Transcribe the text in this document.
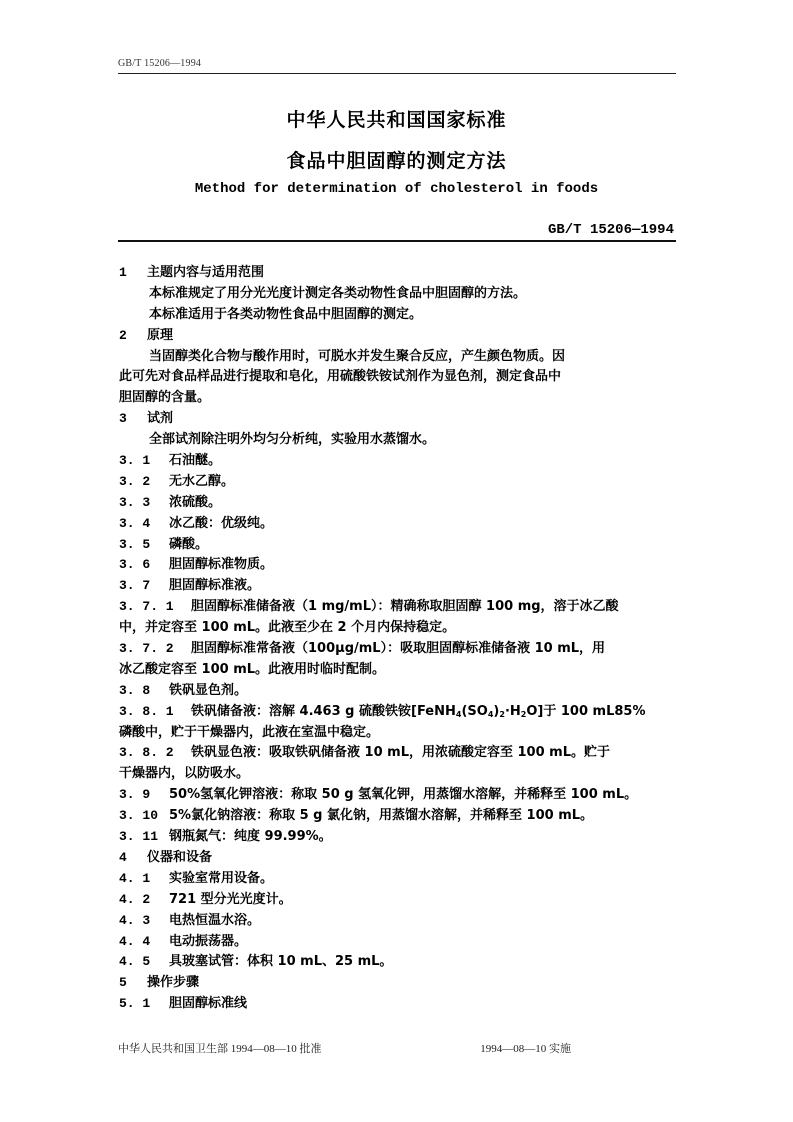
GB/T 15206—1994
中华人民共和国国家标准
食品中胆固醇的测定方法
Method for determination of cholesterol in foods
GB/T 15206—1994
1 主题内容与适用范围
本标准规定了用分光光度计测定各类动物性食品中胆固醇的方法。
本标准适用于各类动物性食品中胆固醇的测定。
2 原理
当固醇类化合物与酸作用时，可脱水并发生聚合反应，产生颜色物质。因
此可先对食品样品进行提取和皂化，用硫酸铁铵试剂作为显色剂，测定食品中
胆固醇的含量。
3 试剂
全部试剂除注明外均匀分析纯，实验用水蒸馏水。
3. 1 石油醚。
3. 2 无水乙醇。
3. 3 浓硫酸。
3. 4 冰乙酸：优级纯。
3. 5 磷酸。
3. 6 胆固醇标准物质。
3. 7 胆固醇标准液。
3. 7. 1 胆固醇标准储备液（1 mg/mL）：精确称取胆固醇 100 mg，溶于冰乙酸
中，并定容至 100 mL。此液至少在 2 个月内保持稳定。
3. 7. 2 胆固醇标准常备液（100μg/mL）：吸取胆固醇标准储备液 10 mL，用
冰乙酸定容至 100 mL。此液用时临时配制。
3. 8 铁矾显色剂。
3. 8. 1 铁矾储备液：溶解 4.463 g 硫酸铁铵$[FeNH_4(SO_4)_2\cdot H_2O]$于 100 mL85%
磷酸中，贮于干燥器内，此液在室温中稳定。
3. 8. 2 铁矾显色液：吸取铁矾储备液 10 mL，用浓硫酸定容至 100 mL。贮于
干燥器内，以防吸水。
3. 9 50%氢氧化钾溶液：称取 50 g 氢氧化钾，用蒸馏水溶解，并稀释至 100 mL。
3. 10 5%氯化钠溶液：称取 5 g 氯化钠，用蒸馏水溶解，并稀释至 100 mL。
3. 11 钢瓶氮气：纯度 99.99%。
4 仪器和设备
4. 1 实验室常用设备。
4. 2 721 型分光光度计。
4. 3 电热恒温水浴。
4. 4 电动振荡器。
4. 5 具玻塞试管：体积 10 mL、25 mL。
5 操作步骤
5. 1 胆固醇标准线
中华人民共和国卫生部 1994—08—10 批准	1994—08—10 实施
